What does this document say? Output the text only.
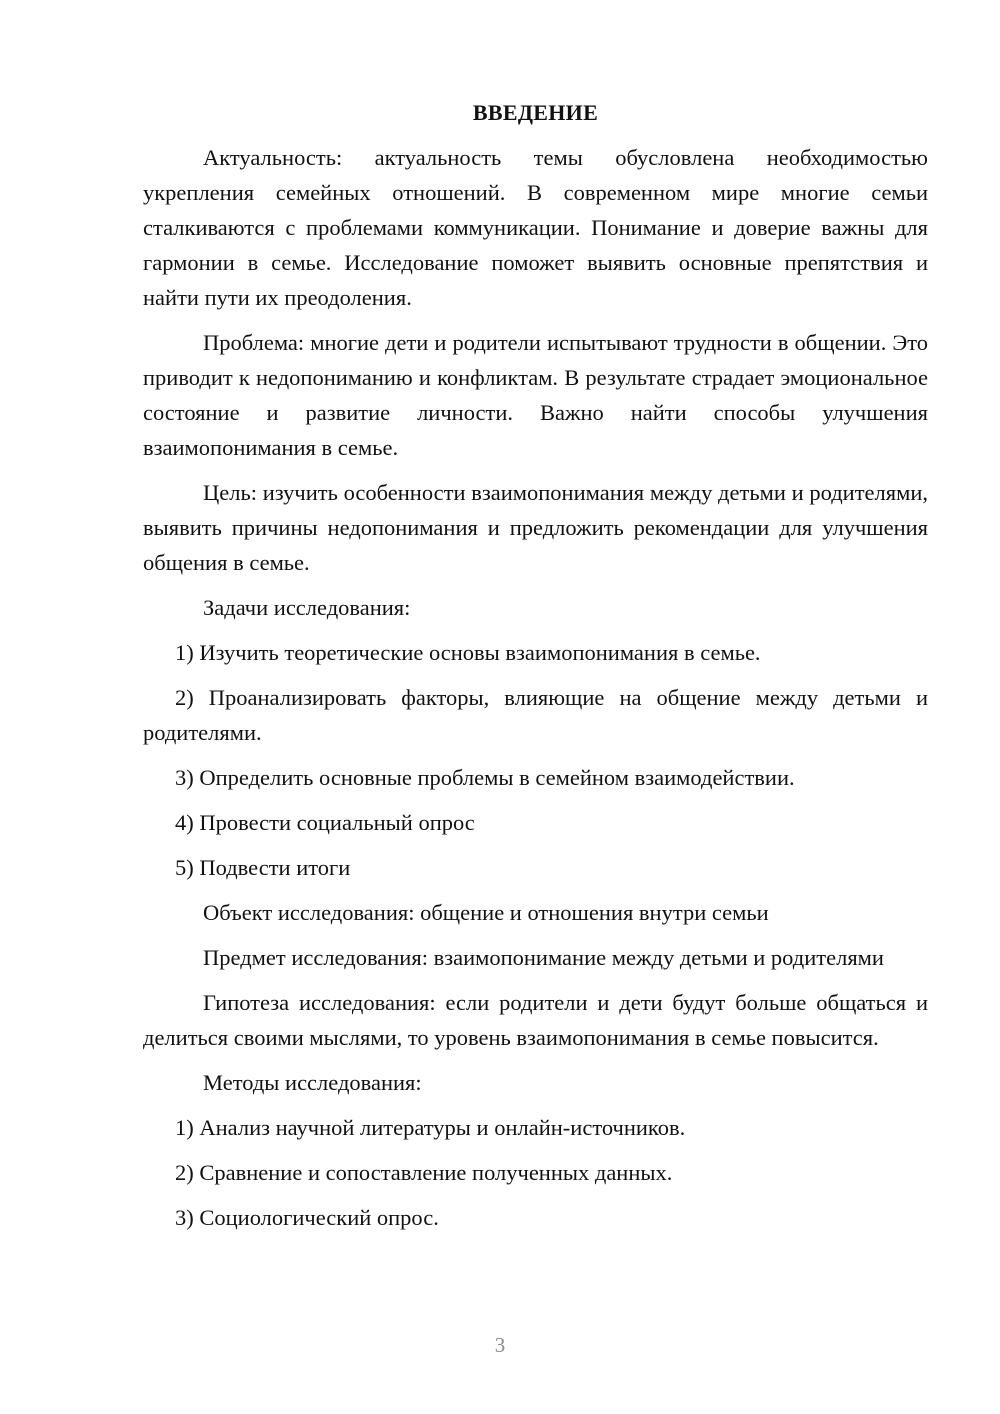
ВВЕДЕНИЕ

Актуальность: актуальность темы обусловлена необходимостью укрепления семейных отношений. В современном мире многие семьи сталкиваются с проблемами коммуникации. Понимание и доверие важны для гармонии в семье. Исследование поможет выявить основные препятствия и найти пути их преодоления.

Проблема: многие дети и родители испытывают трудности в общении. Это приводит к недопониманию и конфликтам. В результате страдает эмоциональное состояние и развитие личности. Важно найти способы улучшения взаимопонимания в семье.

Цель: изучить особенности взаимопонимания между детьми и родителями, выявить причины недопонимания и предложить рекомендации для улучшения общения в семье.

Задачи исследования:

1) Изучить теоретические основы взаимопонимания в семье.

2) Проанализировать факторы, влияющие на общение между детьми и родителями.

3) Определить основные проблемы в семейном взаимодействии.

4) Провести социальный опрос

5) Подвести итоги

Объект исследования: общение и отношения внутри семьи

Предмет исследования: взаимопонимание между детьми и родителями

Гипотеза исследования: если родители и дети будут больше общаться и делиться своими мыслями, то уровень взаимопонимания в семье повысится.

Методы исследования:

1) Анализ научной литературы и онлайн-источников.

2) Сравнение и сопоставление полученных данных.

3) Социологический опрос.

3
